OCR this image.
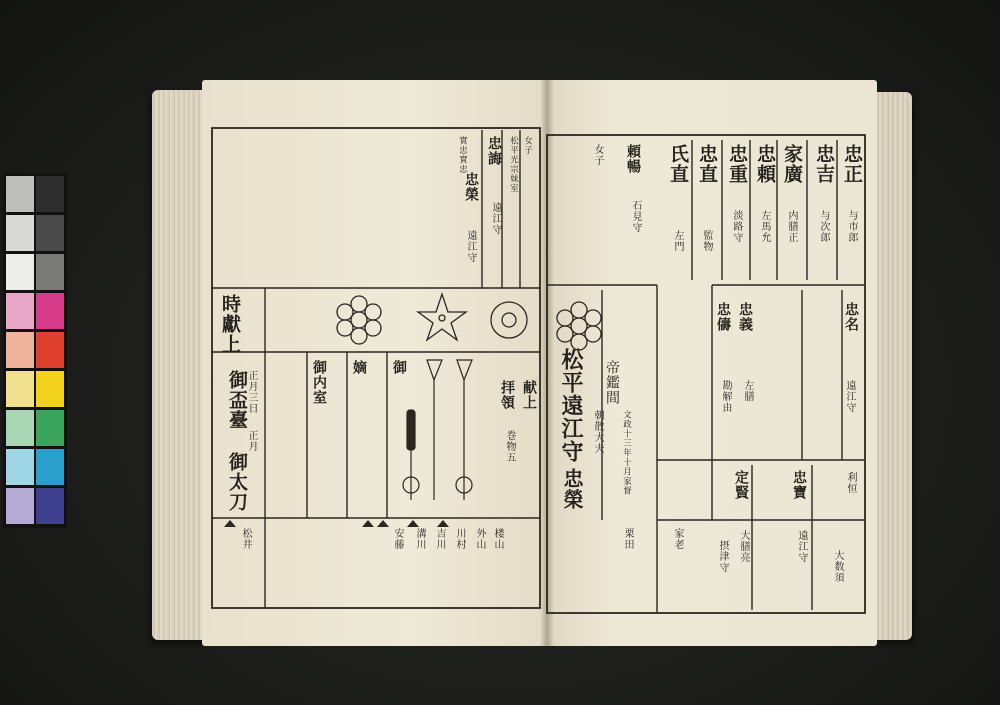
實忠實忠 忠誨 女子
松平光宗妹室
遠江守
忠榮
遠江守
時獻上
正月三日
御盃臺
正月
御太刀
御内室 嫡 御
楼山
外山
川村
吉川
溝川
安藤
松井
忠正
与市郎
忠吉
与次郎
家廣
内膳正
忠頼
左馬允
忠重
淡路守
忠直
監物
氏直
左門
頼暢
石見守
女子
松平遠江守
忠榮
帝鑑間
朝散大夫 文政十三年十月家督
献上
拝領
巻物五
忠名
遠江守
忠義
左膳
忠儔
勘解由
忠寶
遠江守
定賢
大膳亮
利恒
大数須
摂津守
家老
栗田
